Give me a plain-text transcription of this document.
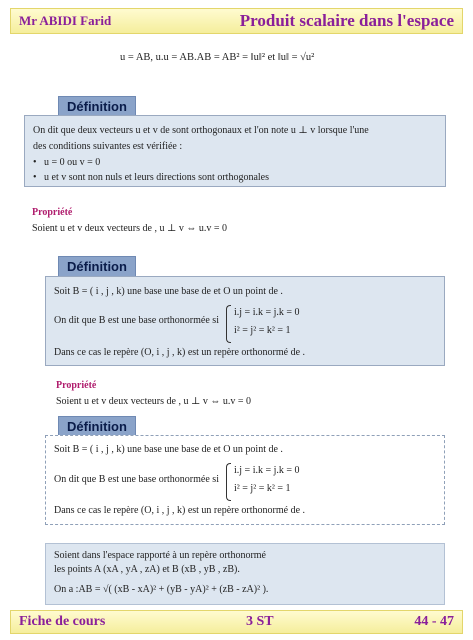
Mr ABIDI Farid	Produit scalaire dans l'espace
u = AB, u.u = AB.AB = AB² = ‖u‖² et ‖u‖ = √u²
Définition
On dit que deux vecteurs u et v de sont orthogonaux et l'on note u ⊥ v lorsque l'une
des conditions suivantes est vérifiée :
•   u = 0 ou v = 0
•   u et v sont non nuls et leurs directions sont orthogonales
Propriété
Soient u et v deux vecteurs de , u ⊥ v ⇔ u.v = 0
Définition
Soit B = ( i , j , k) une base une base de et O un point de .
On dit que B est une base orthonormée si
i.j = i.k = j.k = 0
i² = j² = k² = 1
Dans ce cas le repère (O, i , j , k) est un repère orthonormé de .
Propriété
Soient u et v deux vecteurs de , u ⊥ v ⇔ u.v = 0
Définition
Soit B = ( i , j , k) une base une base de et O un point de .
On dit que B est une base orthonormée si
i.j = i.k = j.k = 0
i² = j² = k² = 1
Dans ce cas le repère (O, i , j , k) est un repère orthonormé de .
Soient dans l'espace rapporté à un repère orthonormé
les points A (xA , yA , zA) et B (xB , yB , zB).
On a :AB = √( (xB - xA)² + (yB - yA)² + (zB - zA)² ).
Fiche de cours	3 ST	44 - 47
